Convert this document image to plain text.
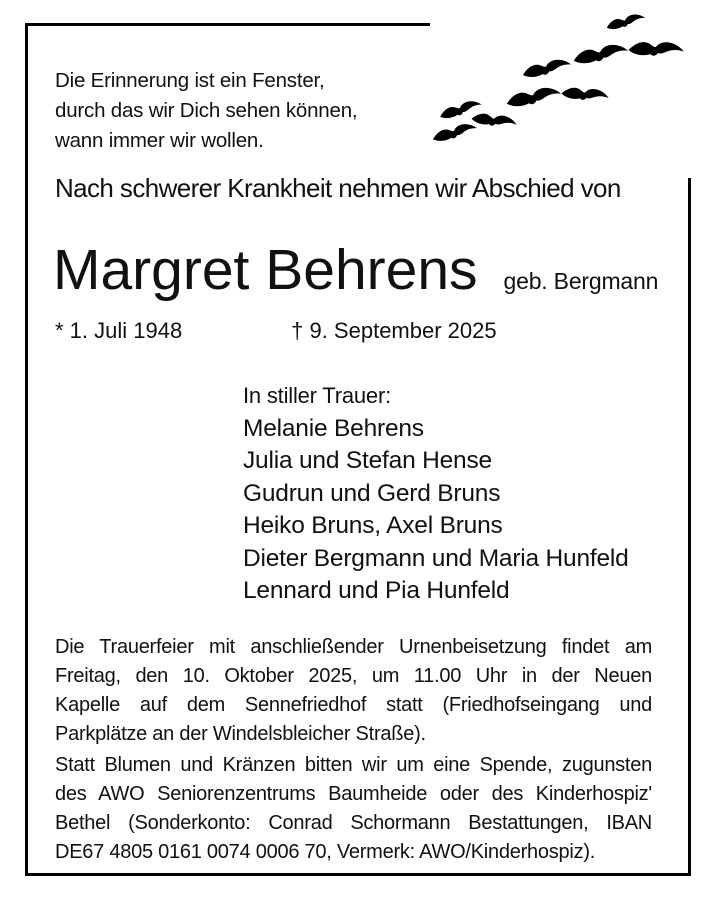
Die Erinnerung ist ein Fenster,
durch das wir Dich sehen können,
wann immer wir wollen.
Nach schwerer Krankheit nehmen wir Abschied von
Margret Behrens geb. Bergmann
* 1. Juli 1948	† 9. September 2025
In stiller Trauer:
Melanie Behrens
Julia und Stefan Hense
Gudrun und Gerd Bruns
Heiko Bruns, Axel Bruns
Dieter Bergmann und Maria Hunfeld
Lennard und Pia Hunfeld
Die Trauerfeier mit anschließender Urnenbeisetzung findet am
Freitag, den 10. Oktober 2025, um 11.00 Uhr in der Neuen
Kapelle auf dem Sennefriedhof statt (Friedhofseingang und
Parkplätze an der Windelsbleicher Straße).
Statt Blumen und Kränzen bitten wir um eine Spende, zugunsten
des AWO Seniorenzentrums Baumheide oder des Kinderhospiz'
Bethel (Sonderkonto: Conrad Schormann Bestattungen, IBAN
DE67 4805 0161 0074 0006 70, Vermerk: AWO/Kinderhospiz).
